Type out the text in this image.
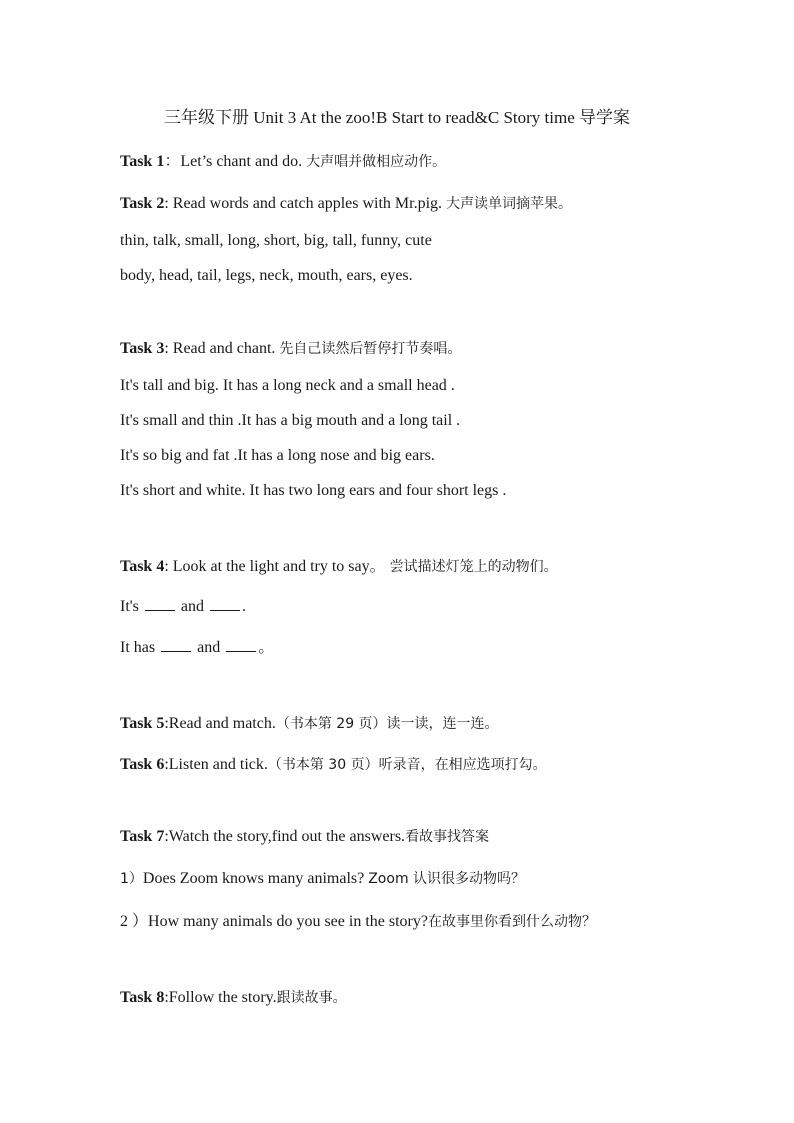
三年级下册 Unit 3 At the zoo!B Start to read&C Story time 导学案
Task 1：Let’s chant and do. 大声唱并做相应动作。
Task 2: Read words and catch apples with Mr.pig. 大声读单词摘苹果。
thin, talk, small, long, short, big, tall, funny, cute
body, head, tail, legs, neck, mouth, ears, eyes.
Task 3: Read and chant. 先自己读然后暂停打节奏唱。
It's tall and big. It has a long neck and a small head .
It's small and thin .It has a big mouth and a long tail .
It's so big and fat .It has a long nose and big ears.
It's short and white. It has two long ears and four short legs .
Task 4: Look at the light and try to say。 尝试描述灯笼上的动物们。
It's  and .
It has  and 。
Task 5:Read and match.（书本第 29 页）读一读，连一连。
Task 6:Listen and tick.（书本第 30 页）听录音，在相应选项打勾。
Task 7:Watch the story,find out the answers.看故事找答案
1）Does Zoom knows many animals? Zoom 认识很多动物吗？
2 ）How many animals do you see in the story?在故事里你看到什么动物？
Task 8:Follow the story.跟读故事。
